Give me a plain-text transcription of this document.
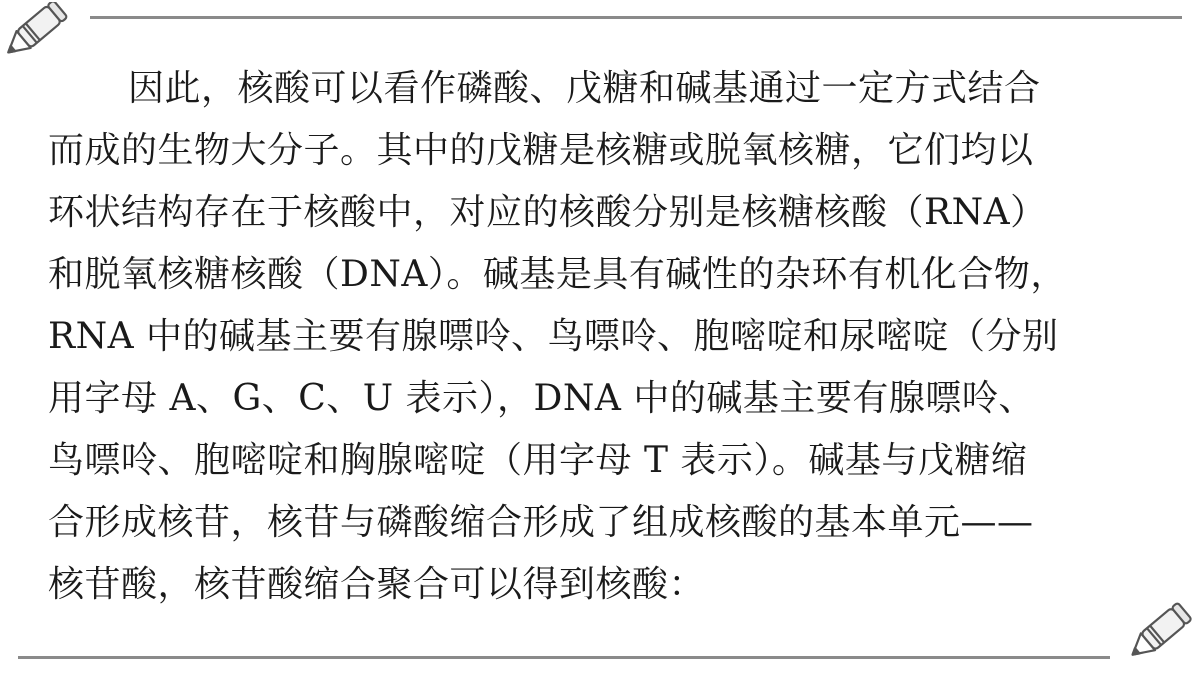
因此，核酸可以看作磷酸、戊糖和碱基通过一定方式结合
而成的生物大分子。其中的戊糖是核糖或脱氧核糖，它们均以
环状结构存在于核酸中，对应的核酸分别是核糖核酸（RNA）
和脱氧核糖核酸（DNA）。碱基是具有碱性的杂环有机化合物，
RNA 中的碱基主要有腺嘌呤、鸟嘌呤、胞嘧啶和尿嘧啶（分别
用字母 A、G、C、U 表示），DNA 中的碱基主要有腺嘌呤、
鸟嘌呤、胞嘧啶和胸腺嘧啶（用字母 T 表示）。碱基与戊糖缩
合形成核苷，核苷与磷酸缩合形成了组成核酸的基本单元——
核苷酸，核苷酸缩合聚合可以得到核酸：
